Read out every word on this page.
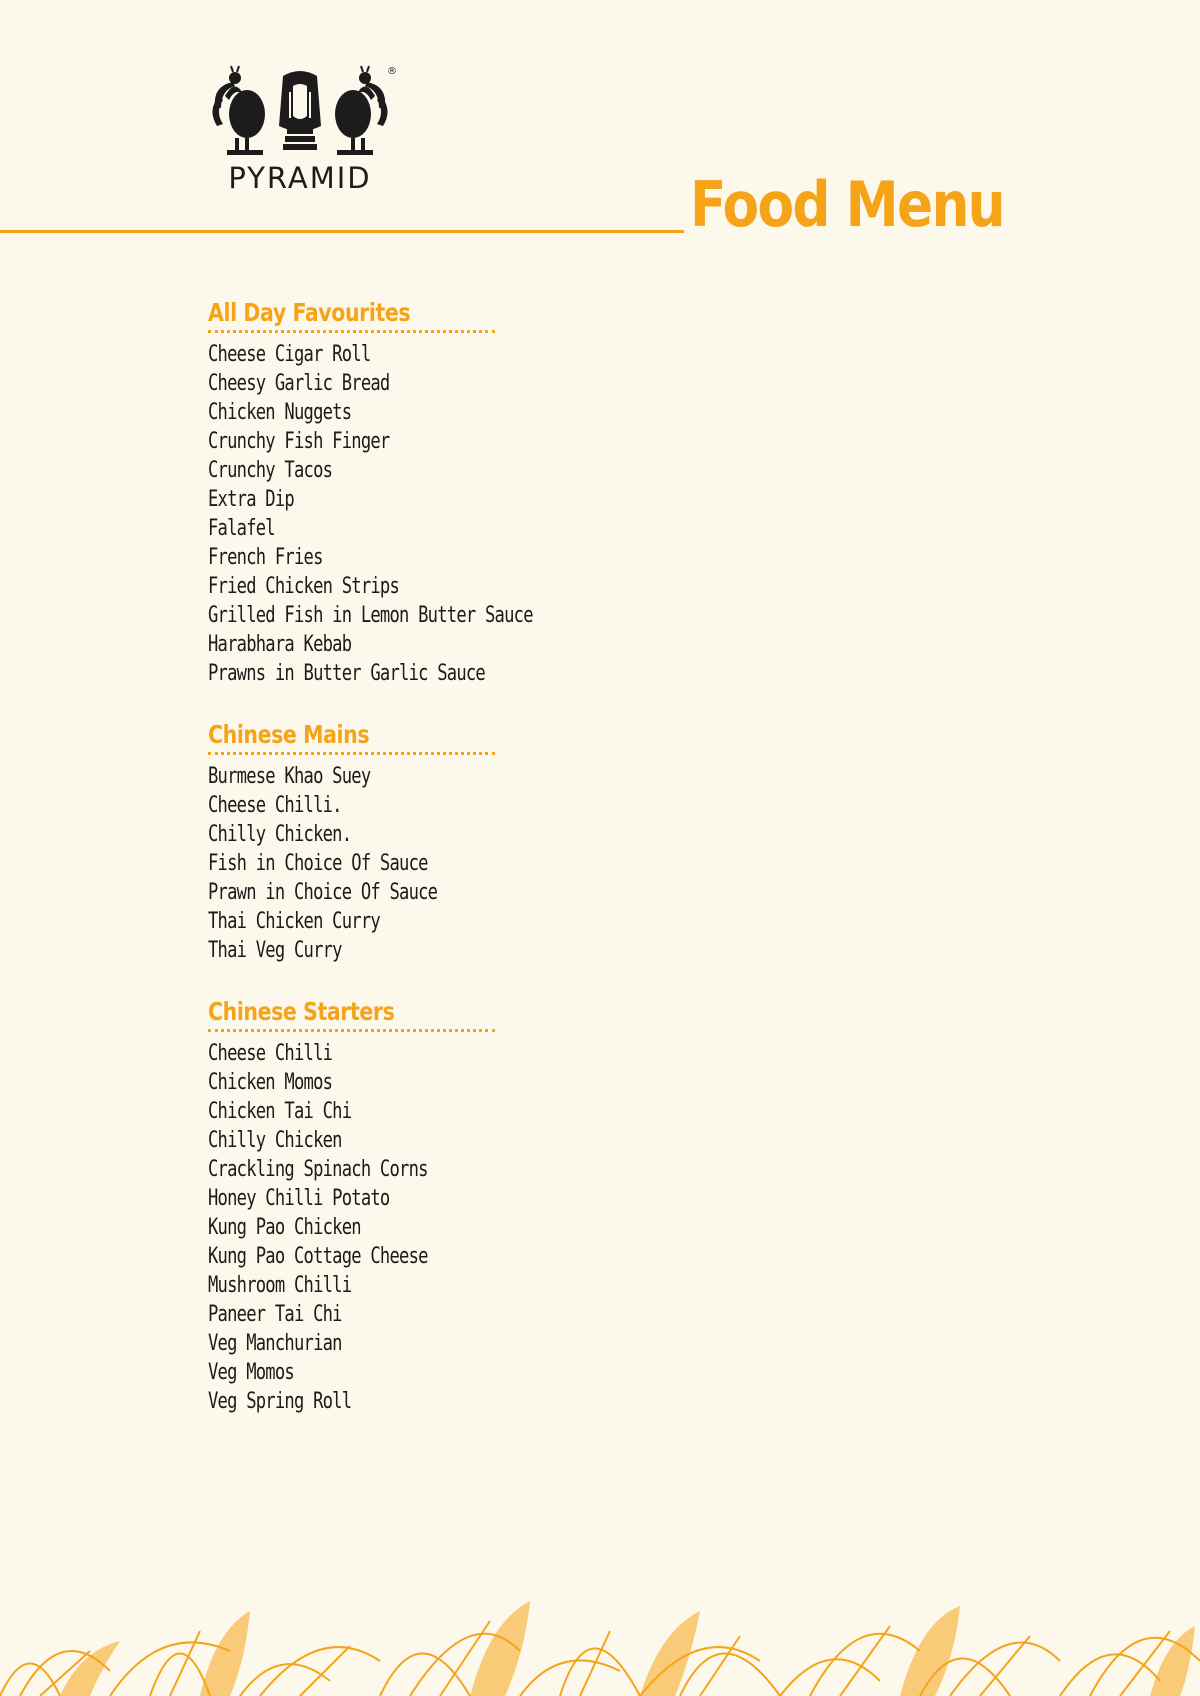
®
PYRAMID	Food Menu
All Day Favourites
Cheese Cigar Roll
Cheesy Garlic Bread
Chicken Nuggets
Crunchy Fish Finger
Crunchy Tacos
Extra Dip
Falafel
French Fries
Fried Chicken Strips
Grilled Fish in Lemon Butter Sauce
Harabhara Kebab
Prawns in Butter Garlic Sauce
Chinese Mains
Burmese Khao Suey
Cheese Chilli.
Chilly Chicken.
Fish in Choice Of Sauce
Prawn in Choice Of Sauce
Thai Chicken Curry
Thai Veg Curry
Chinese Starters
Cheese Chilli
Chicken Momos
Chicken Tai Chi
Chilly Chicken
Crackling Spinach Corns
Honey Chilli Potato
Kung Pao Chicken
Kung Pao Cottage Cheese
Mushroom Chilli
Paneer Tai Chi
Veg Manchurian
Veg Momos
Veg Spring Roll
